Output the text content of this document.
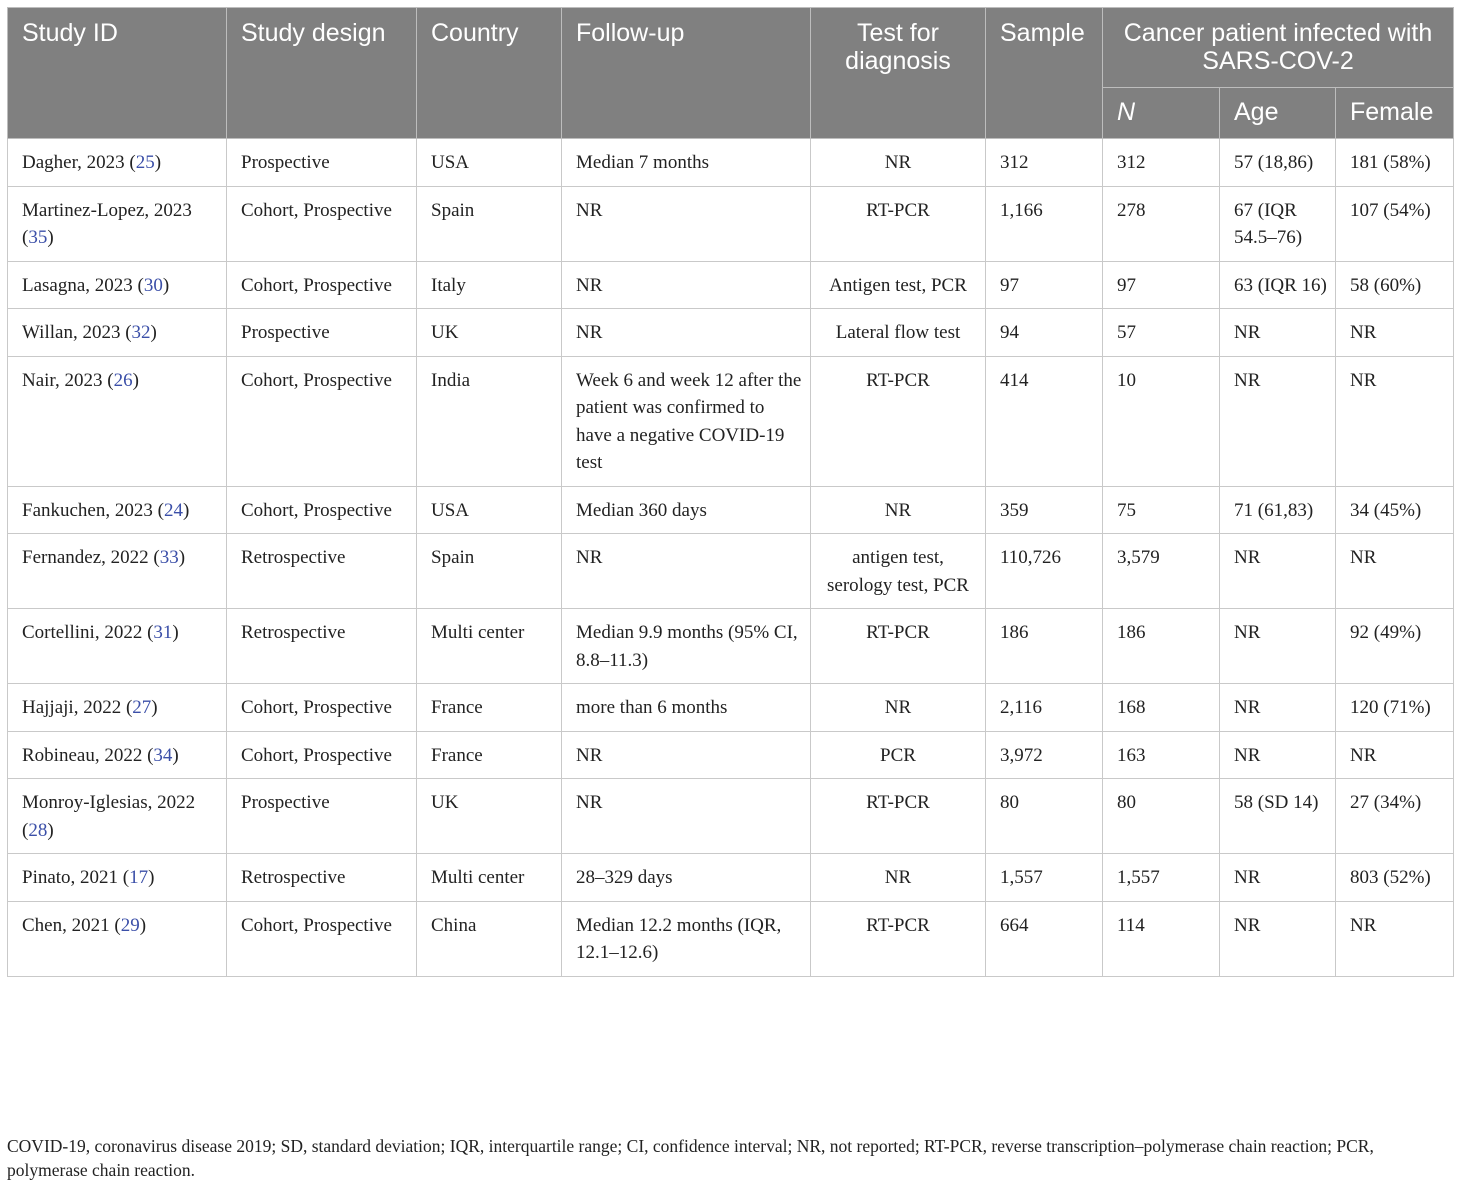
Study ID	Study design	Country	Follow-up	Test for diagnosis	Sample	Cancer patient infected with SARS-COV-2		
						N	Age	Female
Dagher, 2023 (25)	Prospective	USA	Median 7 months	NR	312	312	57 (18,86)	181 (58%)
Martinez-Lopez, 2023 (35)	Cohort, Prospective	Spain	NR	RT-PCR	1,166	278	67 (IQR 54.5–76)	107 (54%)
Lasagna, 2023 (30)	Cohort, Prospective	Italy	NR	Antigen test, PCR	97	97	63 (IQR 16)	58 (60%)
Willan, 2023 (32)	Prospective	UK	NR	Lateral flow test	94	57	NR	NR
Nair, 2023 (26)	Cohort, Prospective	India	Week 6 and week 12 after the patient was confirmed to have a negative COVID-19 test	RT-PCR	414	10	NR	NR
Fankuchen, 2023 (24)	Cohort, Prospective	USA	Median 360 days	NR	359	75	71 (61,83)	34 (45%)
Fernandez, 2022 (33)	Retrospective	Spain	NR	antigen test, serology test, PCR	110,726	3,579	NR	NR
Cortellini, 2022 (31)	Retrospective	Multi center	Median 9.9 months (95% CI, 8.8–11.3)	RT-PCR	186	186	NR	92 (49%)
Hajjaji, 2022 (27)	Cohort, Prospective	France	more than 6 months	NR	2,116	168	NR	120 (71%)
Robineau, 2022 (34)	Cohort, Prospective	France	NR	PCR	3,972	163	NR	NR
Monroy-Iglesias, 2022 (28)	Prospective	UK	NR	RT-PCR	80	80	58 (SD 14)	27 (34%)
Pinato, 2021 (17)	Retrospective	Multi center	28–329 days	NR	1,557	1,557	NR	803 (52%)
Chen, 2021 (29)	Cohort, Prospective	China	Median 12.2 months (IQR, 12.1–12.6)	RT-PCR	664	114	NR	NR
COVID-19, coronavirus disease 2019; SD, standard deviation; IQR, interquartile range; CI, confidence interval; NR, not reported; RT-PCR, reverse transcription–polymerase chain reaction; PCR, polymerase chain reaction.
